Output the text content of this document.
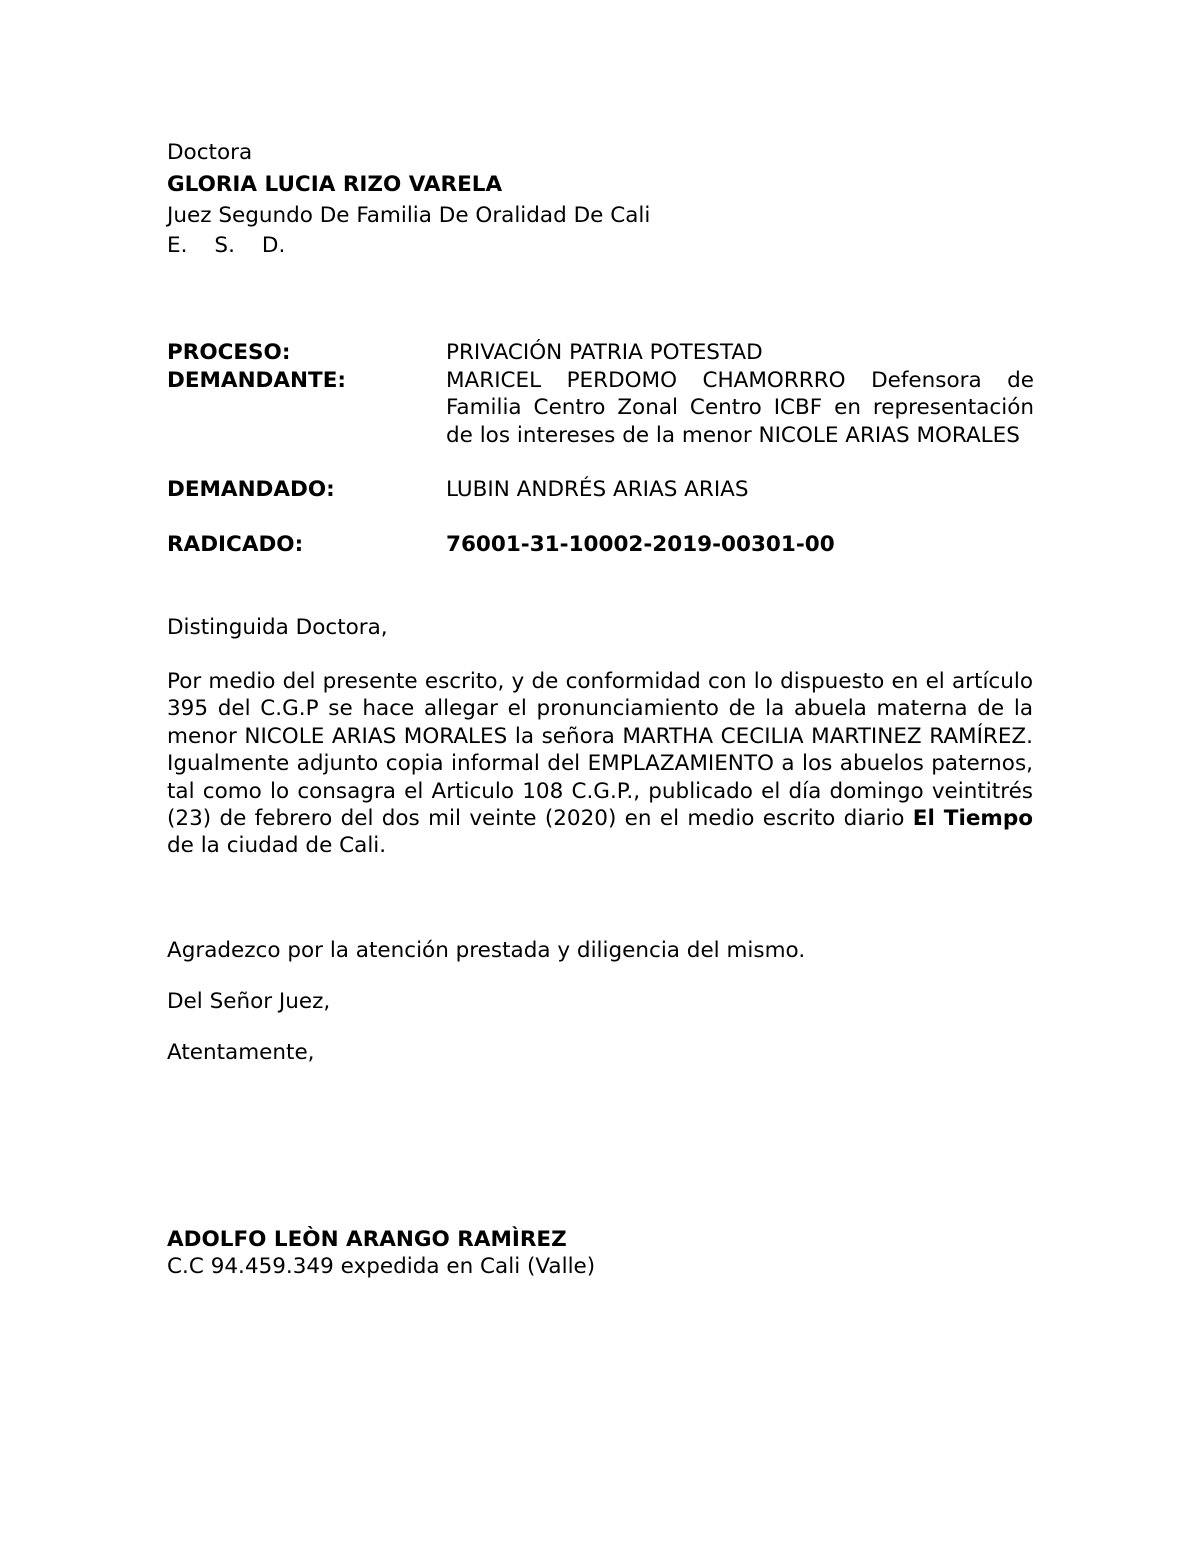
Doctora
GLORIA LUCIA RIZO VARELA
Juez Segundo De Familia De Oralidad De Cali
E. S. D.
PROCESO:	PRIVACIÓN PATRIA POTESTAD
DEMANDANTE:	MARICEL PERDOMO CHAMORRRO Defensora de Familia Centro Zonal Centro ICBF en representación de los intereses de la menor NICOLE ARIAS MORALES
DEMANDADO:	LUBIN ANDRÉS ARIAS ARIAS
RADICADO:	76001-31-10002-2019-00301-00
Distinguida Doctora,
Por medio del presente escrito, y de conformidad con lo dispuesto en el artículo 395 del C.G.P se hace allegar el pronunciamiento de la abuela materna de la menor NICOLE ARIAS MORALES la señora MARTHA CECILIA MARTINEZ RAMÍREZ. Igualmente adjunto copia informal del EMPLAZAMIENTO a los abuelos paternos, tal como lo consagra el Articulo 108 C.G.P., publicado el día domingo veintitrés (23) de febrero del dos mil veinte (2020) en el medio escrito diario El Tiempo de la ciudad de Cali.
Agradezco por la atención prestada y diligencia del mismo.
Del Señor Juez,
Atentamente,
ADOLFO LEÒN ARANGO RAMÌREZ
C.C 94.459.349 expedida en Cali (Valle)
